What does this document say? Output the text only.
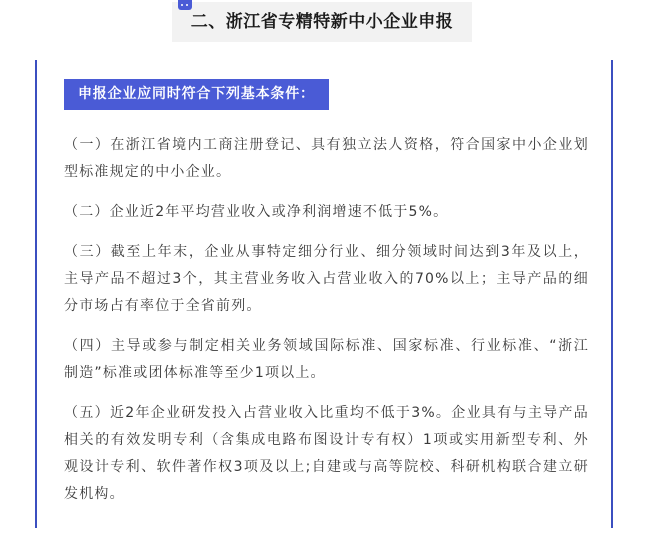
二、浙江省专精特新中小企业申报
申报企业应同时符合下列基本条件：

（一）在浙江省境内工商注册登记、具有独立法人资格，符合国家中小企业划型标准规定的中小企业。

（二）企业近2年平均营业收入或净利润增速不低于5%。

（三）截至上年末，企业从事特定细分行业、细分领域时间达到3年及以上，主导产品不超过3个，其主营业务收入占营业收入的70%以上；主导产品的细分市场占有率位于全省前列。

（四）主导或参与制定相关业务领域国际标准、国家标准、行业标准、“浙江制造”标准或团体标准等至少1项以上。

（五）近2年企业研发投入占营业收入比重均不低于3%。企业具有与主导产品相关的有效发明专利（含集成电路布图设计专有权）1项或实用新型专利、外观设计专利、软件著作权3项及以上;自建或与高等院校、科研机构联合建立研发机构。
